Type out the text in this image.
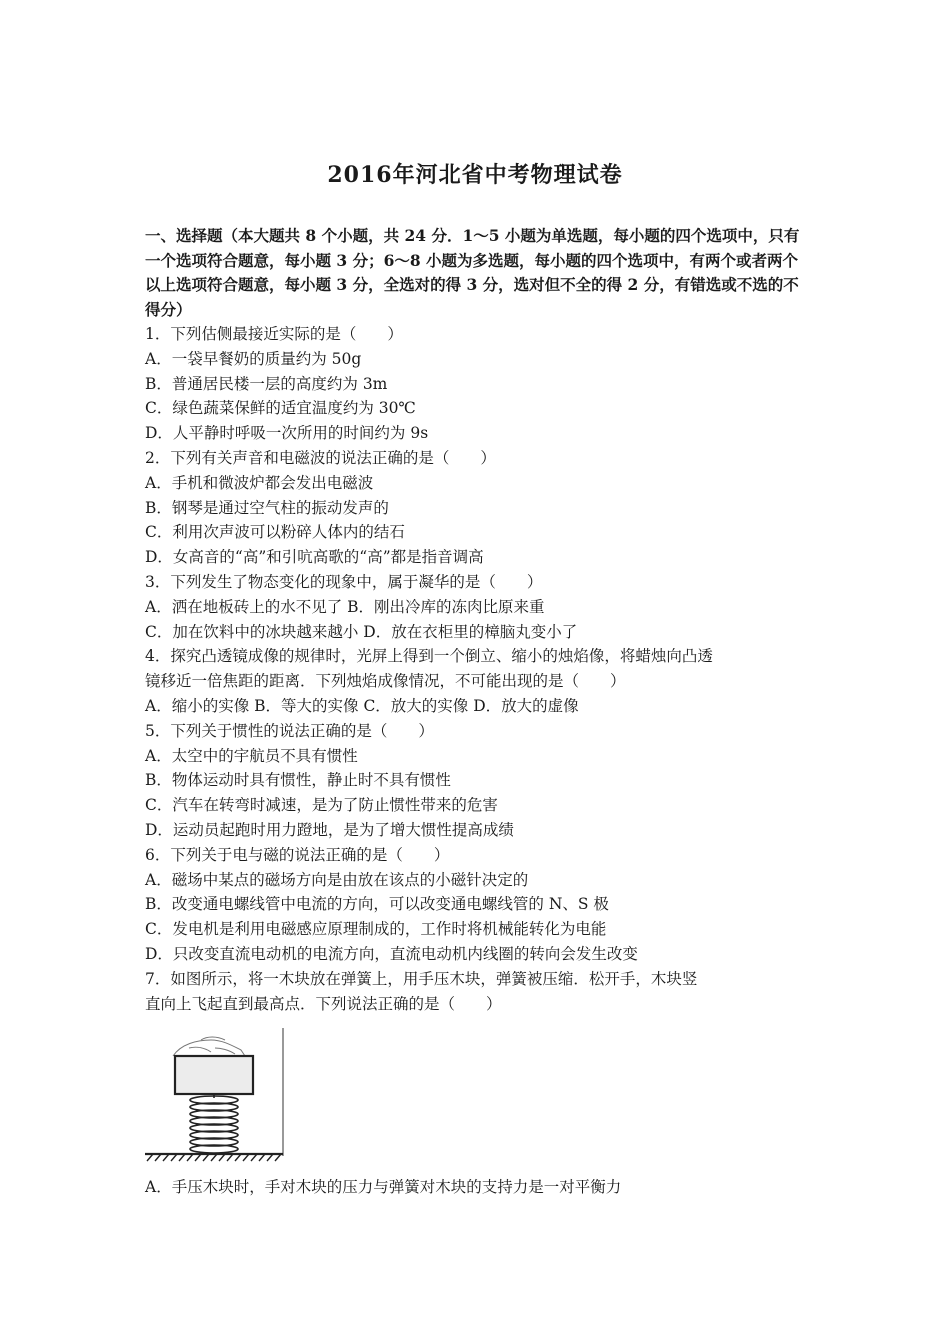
2016年河北省中考物理试卷

一、选择题（本大题共 8 个小题，共 24 分．1～5 小题为单选题，每小题的四个选项中，只有一个选项符合题意，每小题 3 分；6～8 小题为多选题，每小题的四个选项中，有两个或者两个以上选项符合题意，每小题 3 分，全选对的得 3 分，选对但不全的得 2 分，有错选或不选的不得分）

1．下列估侧最接近实际的是（　　）

A．一袋早餐奶的质量约为 50g

B．普通居民楼一层的高度约为 3m

C．绿色蔬菜保鲜的适宜温度约为 30℃

D．人平静时呼吸一次所用的时间约为 9s

2．下列有关声音和电磁波的说法正确的是（　　）

A．手机和微波炉都会发出电磁波

B．钢琴是通过空气柱的振动发声的

C．利用次声波可以粉碎人体内的结石

D．女高音的“高”和引吭高歌的“高”都是指音调高

3．下列发生了物态变化的现象中，属于凝华的是（　　）

A．洒在地板砖上的水不见了 B．刚出冷库的冻肉比原来重

C．加在饮料中的冰块越来越小 D．放在衣柜里的樟脑丸变小了

4．探究凸透镜成像的规律时，光屏上得到一个倒立、缩小的烛焰像，将蜡烛向凸透

镜移近一倍焦距的距离．下列烛焰成像情况，不可能出现的是（　　）

A．缩小的实像 B．等大的实像 C．放大的实像 D．放大的虚像

5．下列关于惯性的说法正确的是（　　）

A．太空中的宇航员不具有惯性

B．物体运动时具有惯性，静止时不具有惯性

C．汽车在转弯时减速，是为了防止惯性带来的危害

D．运动员起跑时用力蹬地，是为了增大惯性提高成绩

6．下列关于电与磁的说法正确的是（　　）

A．磁场中某点的磁场方向是由放在该点的小磁针决定的

B．改变通电螺线管中电流的方向，可以改变通电螺线管的 N、S 极

C．发电机是利用电磁感应原理制成的，工作时将机械能转化为电能

D．只改变直流电动机的电流方向，直流电动机内线圈的转向会发生改变

7．如图所示，将一木块放在弹簧上，用手压木块，弹簧被压缩．松开手，木块竖

直向上飞起直到最高点．下列说法正确的是（　　）

A．手压木块时，手对木块的压力与弹簧对木块的支持力是一对平衡力
